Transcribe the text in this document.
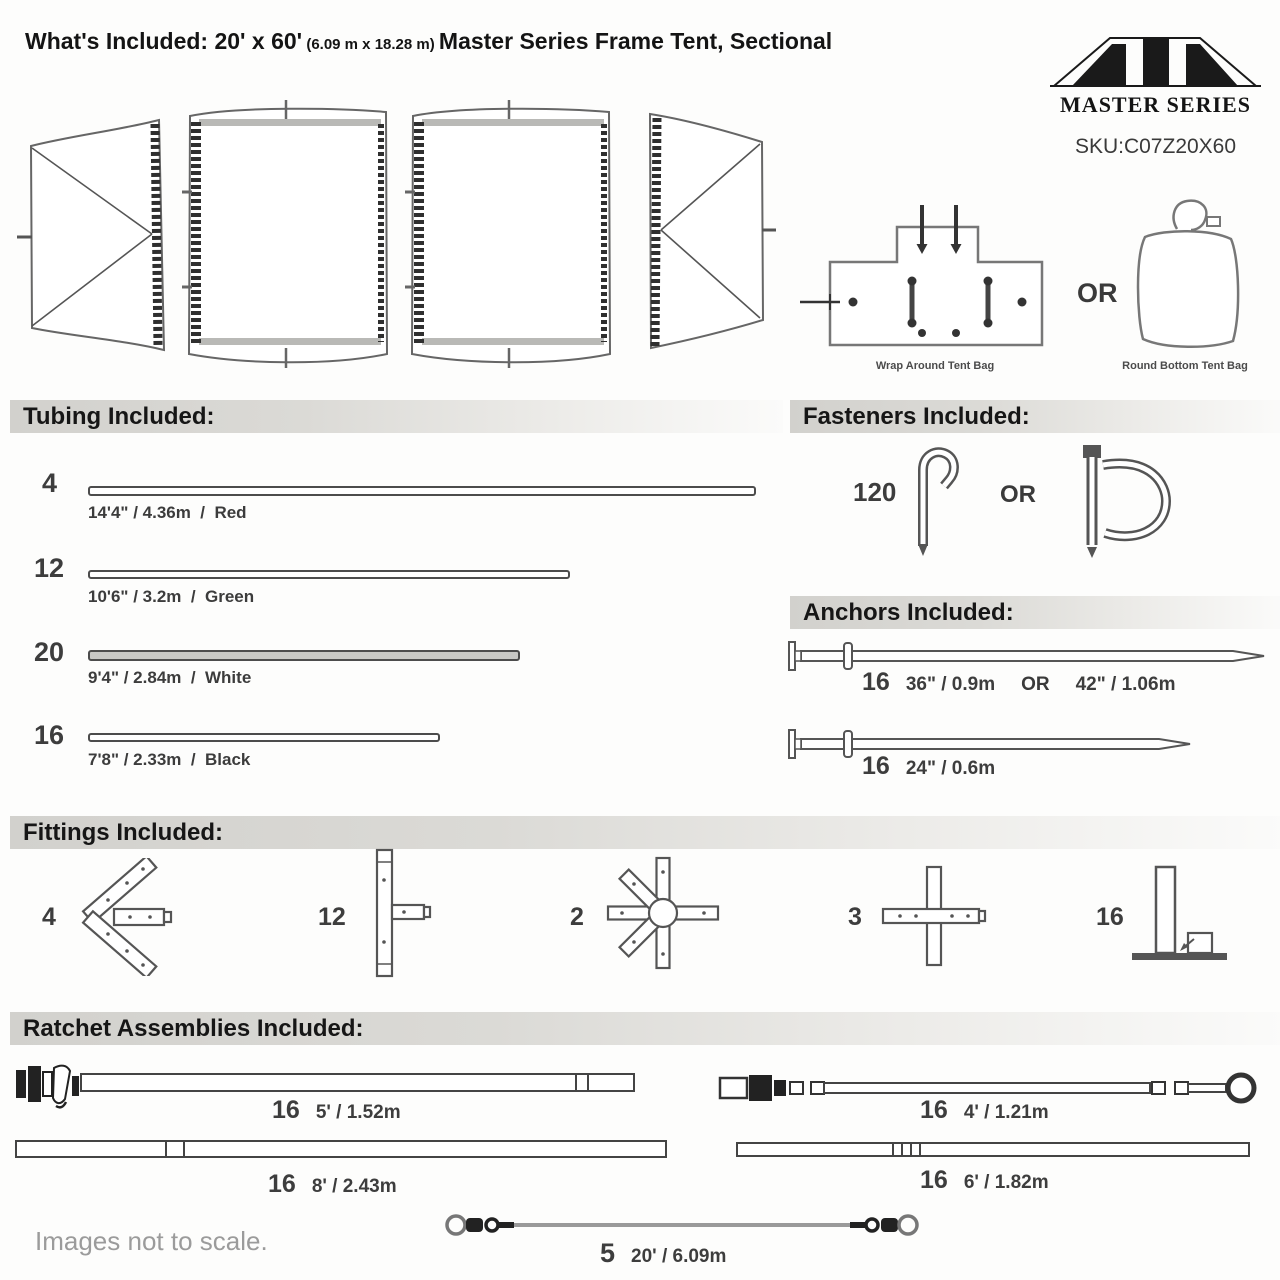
What's Included: 20' x 60' (6.09 m x 18.28 m) Master Series Frame Tent, Sectional
MASTER SERIES
SKU:C07Z20X60
Wrap Around Tent Bag
OR
Round Bottom Tent Bag
Tubing Included:
4
14'4" / 4.36m  /  Red
12
10'6" / 3.2m  /  Green
20
9'4" / 2.84m  /  White
16
7'8" / 2.33m  /  Black
Fasteners Included:
120	OR
Anchors Included:
16 36" / 0.9m OR 42" / 1.06m
16 24" / 0.6m
Fittings Included:
4	12	2	3	16
Ratchet Assemblies Included:
16 5' / 1.52m	16 4' / 1.21m
16 8' / 2.43m	16 6' / 1.82m
5 20' / 6.09m
Images not to scale.
